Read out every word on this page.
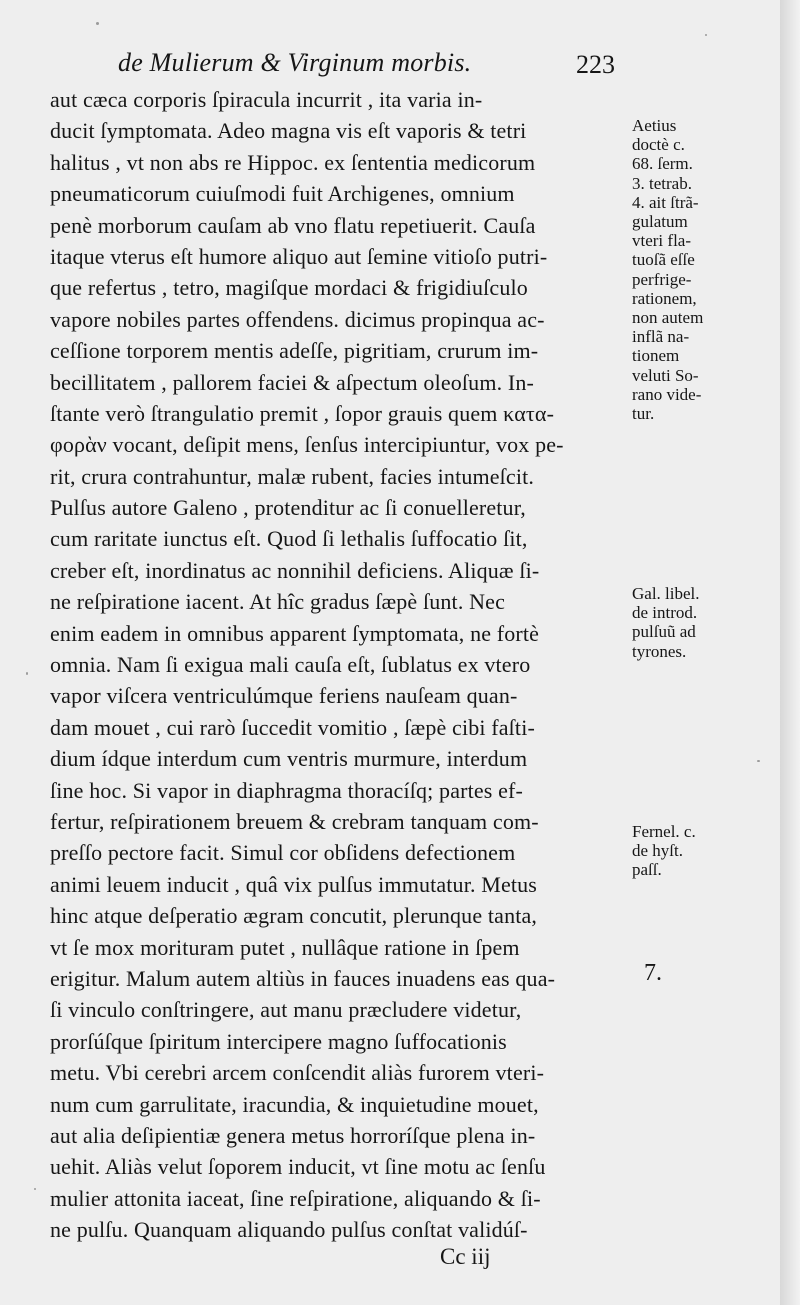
de Mulierum & Virginum morbis.	223
aut cæca corporis ſpiracula incurrit , ita varia in-
ducit ſymptomata. Adeo magna vis eſt vaporis & tetri
halitus , vt non abs re Hippoc. ex ſententia medicorum
pneumaticorum cuiuſmodi fuit Archigenes, omnium
penè morborum cauſam ab vno flatu repetiuerit. Cauſa
itaque vterus eſt humore aliquo aut ſemine vitioſo putri-
que refertus , tetro, magiſque mordaci & frigidiuſculo
vapore nobiles partes offendens. dicimus propinqua ac-
ceſſione torporem mentis adeſſe, pigritiam, crurum im-
becillitatem , pallorem faciei & aſpectum oleoſum. In-
ſtante verò ſtrangulatio premit , ſopor grauis quem κατα-
φορὰν vocant, deſipit mens, ſenſus intercipiuntur, vox pe-
rit, crura contrahuntur, malæ rubent, facies intumeſcit.
Pulſus autore Galeno , protenditur ac ſi conuelleretur,
cum raritate iunctus eſt. Quod ſi lethalis ſuffocatio ſit,
creber eſt, inordinatus ac nonnihil deficiens. Aliquæ ſi-
ne reſpiratione iacent. At hîc gradus ſæpè ſunt. Nec
enim eadem in omnibus apparent ſymptomata, ne fortè
omnia. Nam ſi exigua mali cauſa eſt, ſublatus ex vtero
vapor viſcera ventriculúmque feriens nauſeam quan-
dam mouet , cui rarò ſuccedit vomitio , ſæpè cibi faſti-
dium ídque interdum cum ventris murmure, interdum
ſine hoc. Si vapor in diaphragma thoracíſq; partes ef-
fertur, reſpirationem breuem & crebram tanquam com-
preſſo pectore facit. Simul cor obſidens defectionem
animi leuem inducit , quâ vix pulſus immutatur. Metus
hinc atque deſperatio ægram concutit, plerunque tanta,
vt ſe mox morituram putet , nullâque ratione in ſpem
erigitur. Malum autem altiùs in fauces inuadens eas qua-
ſi vinculo conſtringere, aut manu præcludere videtur,
prorſúſque ſpiritum intercipere magno ſuffocationis
metu. Vbi cerebri arcem conſcendit aliàs furorem vteri-
num cum garrulitate, iracundia, & inquietudine mouet,
aut alia deſipientiæ genera metus horroríſque plena in-
uehit. Aliàs velut ſoporem inducit, vt ſine motu ac ſenſu
mulier attonita iaceat, ſine reſpiratione, aliquando & ſi-
ne pulſu. Quanquam aliquando pulſus conſtat validúſ-
Aetius
doctè c.
68. ſerm.
3. tetrab.
4. ait ſtrã-
gulatum
vteri fla-
tuoſã eſſe
perfrige-
rationem,
non autem
inflã na-
tionem
veluti So-
rano vide-
tur.
Gal. libel.
de introd.
pulſuũ ad
tyrones.
Fernel. c.
de hyſt.
paſſ.
7.
Cc iij
